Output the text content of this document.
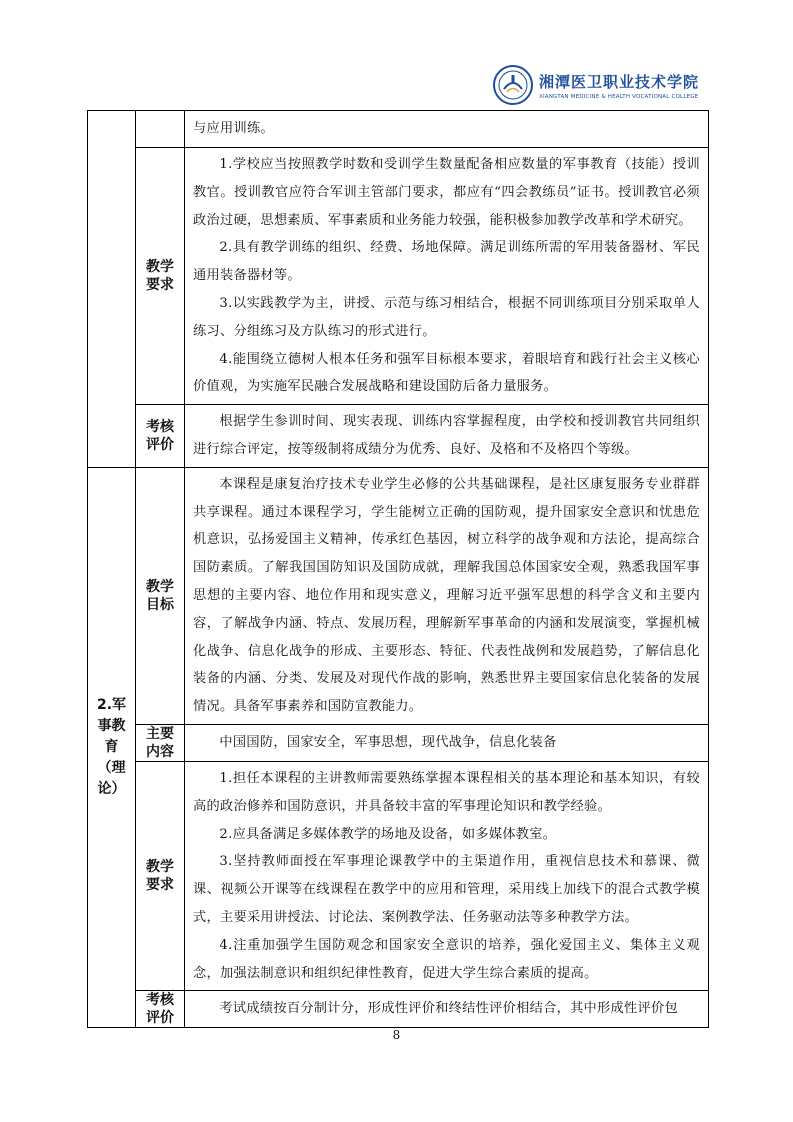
湘潭医卫职业技术学院
XIANGTAN MEDICINE & HEALTH VOCATIONAL COLLEGE

		与应用训练。

	教学要求	1.学校应当按照教学时数和受训学生数量配备相应数量的军事教育（技能）授训教官。授训教官应符合军训主管部门要求，都应有“四会教练员”证书。授训教官必须政治过硬，思想素质、军事素质和业务能力较强，能积极参加教学改革和学术研究。

2.具有教学训练的组织、经费、场地保障。满足训练所需的军用装备器材、军民通用装备器材等。

3.以实践教学为主，讲授、示范与练习相结合，根据不同训练项目分别采取单人练习、分组练习及方队练习的形式进行。

4.能围绕立德树人根本任务和强军目标根本要求，着眼培育和践行社会主义核心价值观，为实施军民融合发展战略和建设国防后备力量服务。

	考核评价	根据学生参训时间、现实表现、训练内容掌握程度，由学校和授训教官共同组织进行综合评定，按等级制将成绩分为优秀、良好、及格和不及格四个等级。

2.军事教育（理论）	教学目标	本课程是康复治疗技术专业学生必修的公共基础课程，是社区康复服务专业群群共享课程。通过本课程学习，学生能树立正确的国防观，提升国家安全意识和忧患危机意识，弘扬爱国主义精神，传承红色基因，树立科学的战争观和方法论，提高综合国防素质。了解我国国防知识及国防成就，理解我国总体国家安全观，熟悉我国军事思想的主要内容、地位作用和现实意义，理解习近平强军思想的科学含义和主要内容，了解战争内涵、特点、发展历程，理解新军事革命的内涵和发展演变，掌握机械化战争、信息化战争的形成、主要形态、特征、代表性战例和发展趋势，了解信息化装备的内涵、分类、发展及对现代作战的影响，熟悉世界主要国家信息化装备的发展情况。具备军事素养和国防宣教能力。

	主要内容	中国国防，国家安全，军事思想，现代战争，信息化装备

	教学要求	1.担任本课程的主讲教师需要熟练掌握本课程相关的基本理论和基本知识，有较高的政治修养和国防意识，并具备较丰富的军事理论知识和教学经验。

2.应具备满足多媒体教学的场地及设备，如多媒体教室。

3.坚持教师面授在军事理论课教学中的主渠道作用，重视信息技术和慕课、微课、视频公开课等在线课程在教学中的应用和管理，采用线上加线下的混合式教学模式，主要采用讲授法、讨论法、案例教学法、任务驱动法等多种教学方法。

4.注重加强学生国防观念和国家安全意识的培养，强化爱国主义、集体主义观念，加强法制意识和组织纪律性教育，促进大学生综合素质的提高。

	考核评价	考试成绩按百分制计分，形成性评价和终结性评价相结合，其中形成性评价包

8
